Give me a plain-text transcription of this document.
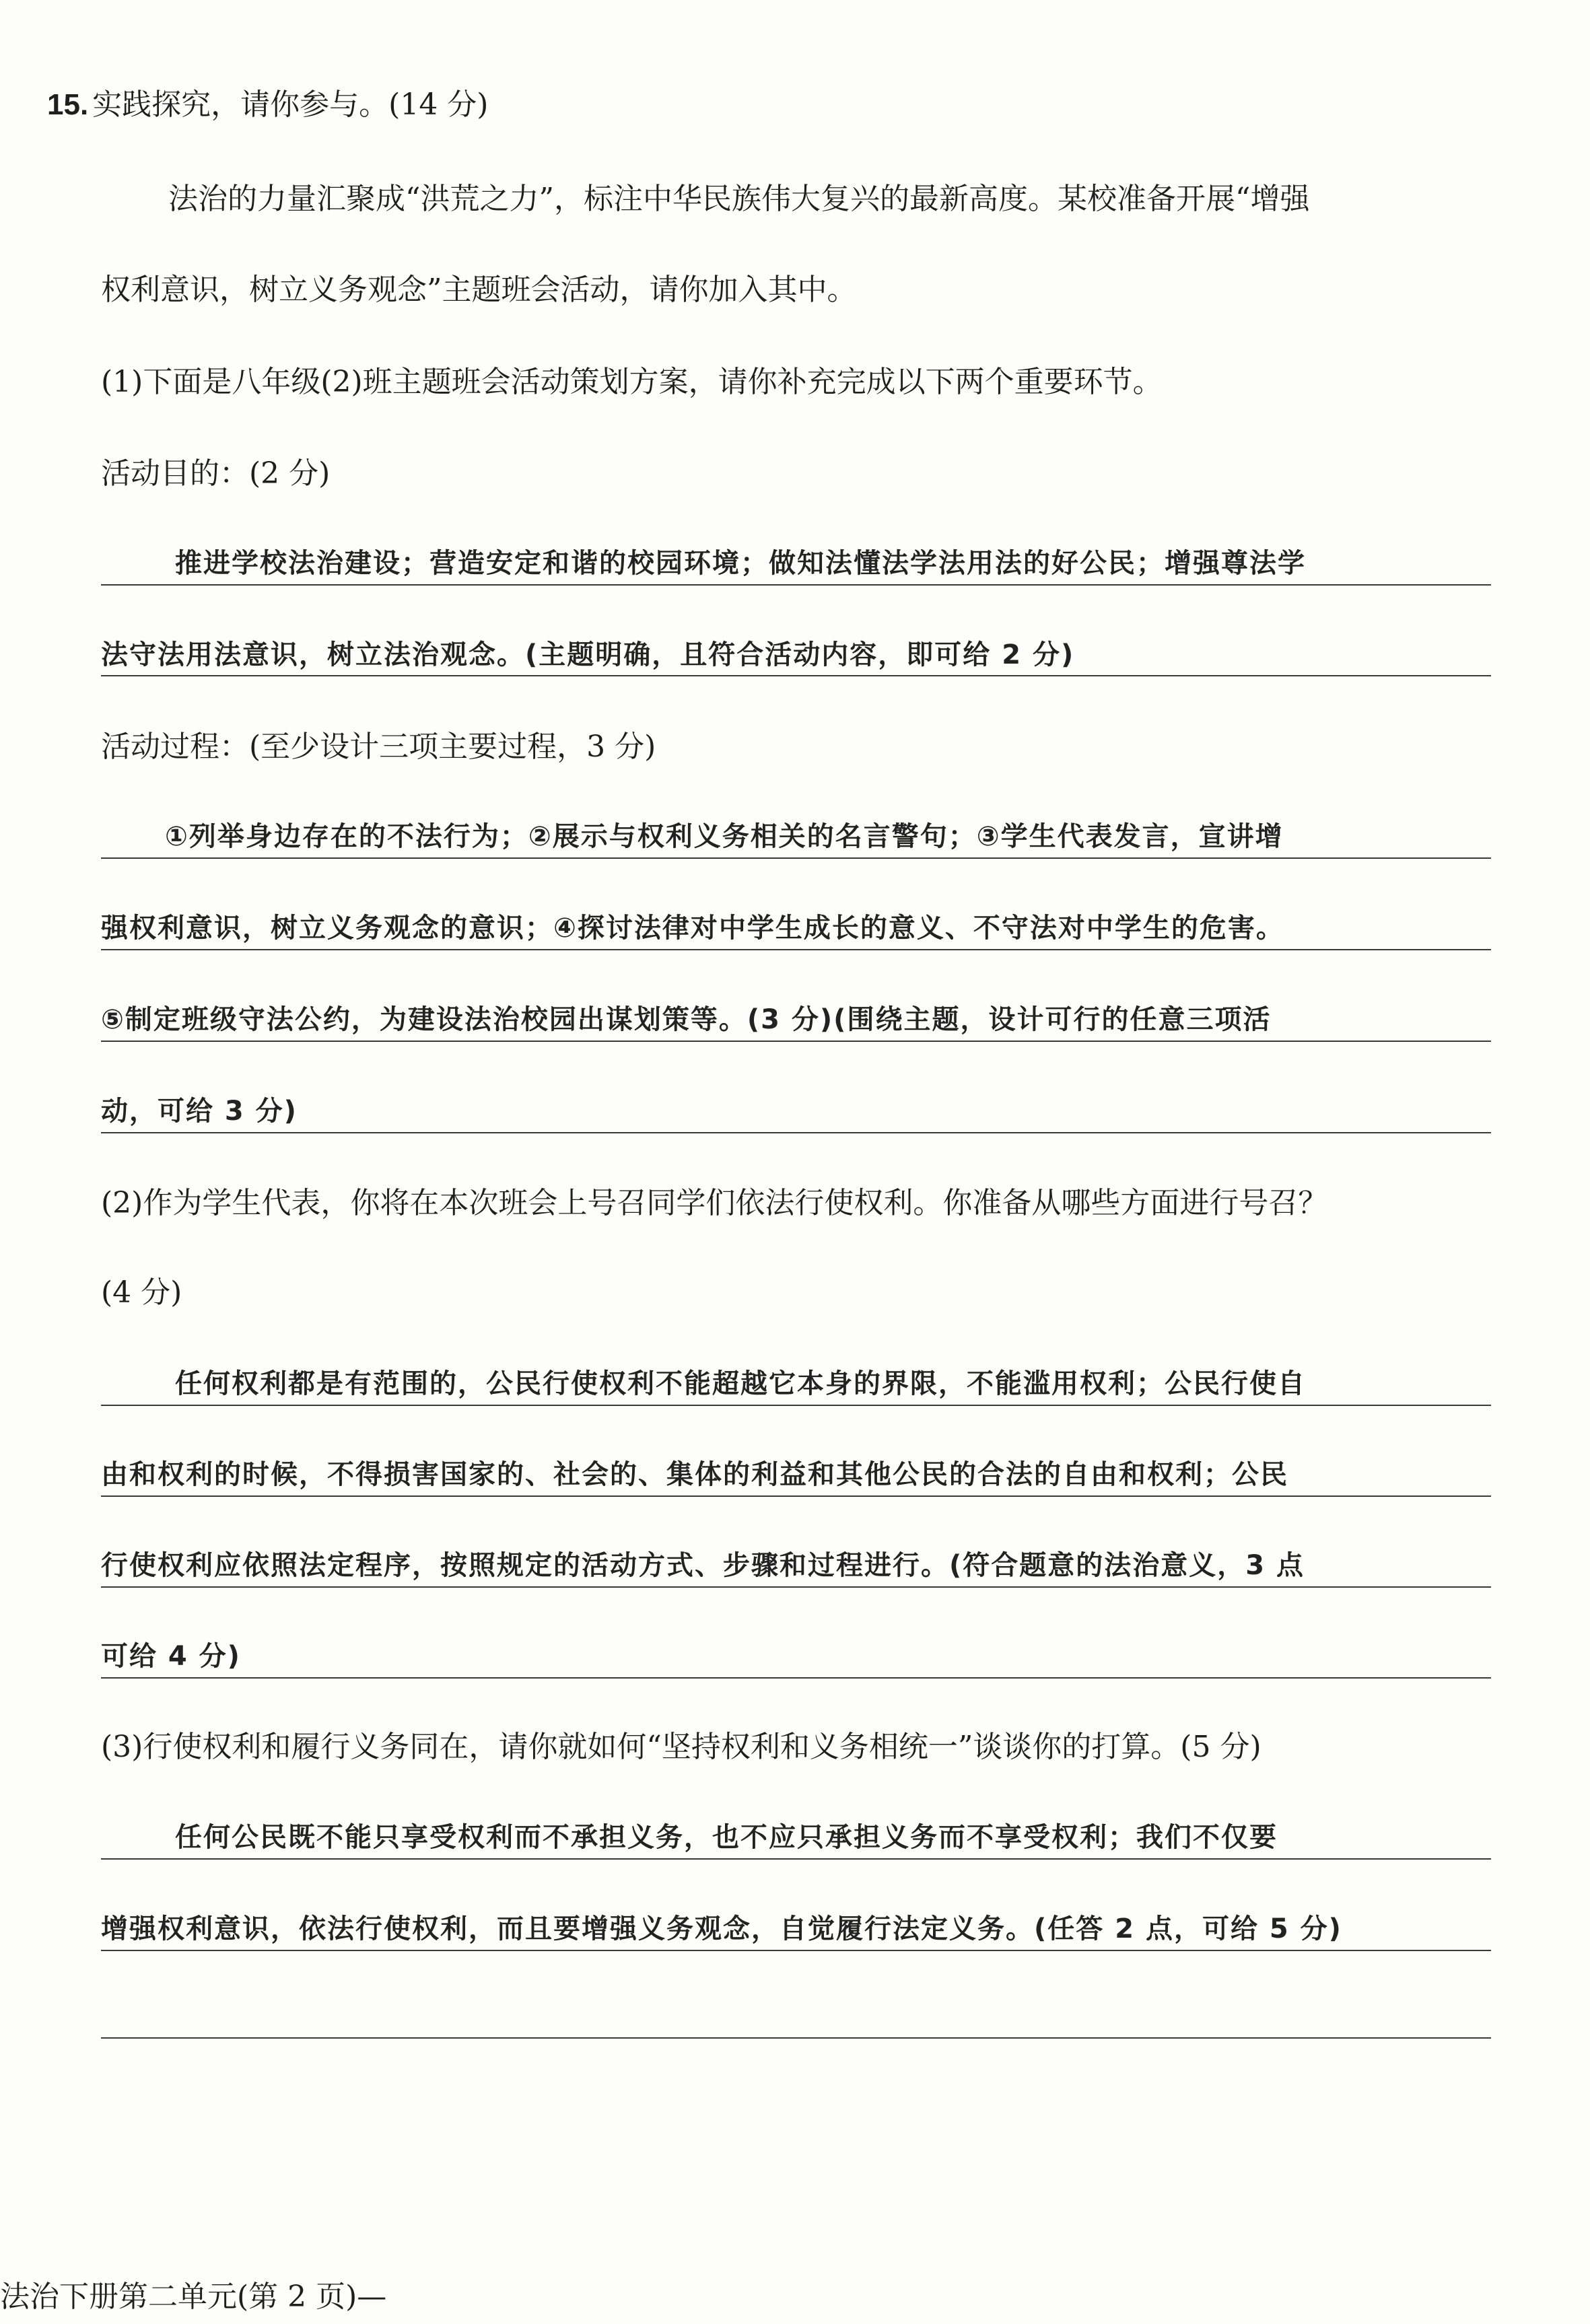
15. 实践探究，请你参与。(14 分)
法治的力量汇聚成“洪荒之力”，标注中华民族伟大复兴的最新高度。某校准备开展“增强
权利意识，树立义务观念”主题班会活动，请你加入其中。
(1)下面是八年级(2)班主题班会活动策划方案，请你补充完成以下两个重要环节。
活动目的：(2 分)
推进学校法治建设；营造安定和谐的校园环境；做知法懂法学法用法的好公民；增强尊法学
法守法用法意识，树立法治观念。(主题明确，且符合活动内容，即可给 2 分)
活动过程：(至少设计三项主要过程，3 分)
①列举身边存在的不法行为；②展示与权利义务相关的名言警句；③学生代表发言，宣讲增
强权利意识，树立义务观念的意识；④探讨法律对中学生成长的意义、不守法对中学生的危害。
⑤制定班级守法公约，为建设法治校园出谋划策等。(3 分)(围绕主题，设计可行的任意三项活
动，可给 3 分)
(2)作为学生代表，你将在本次班会上号召同学们依法行使权利。你准备从哪些方面进行号召？
(4 分)
任何权利都是有范围的，公民行使权利不能超越它本身的界限，不能滥用权利；公民行使自
由和权利的时候，不得损害国家的、社会的、集体的利益和其他公民的合法的自由和权利；公民
行使权利应依照法定程序，按照规定的活动方式、步骤和过程进行。(符合题意的法治意义，3 点
可给 4 分)
(3)行使权利和履行义务同在，请你就如何“坚持权利和义务相统一”谈谈你的打算。(5 分)
任何公民既不能只享受权利而不承担义务，也不应只承担义务而不享受权利；我们不仅要
增强权利意识，依法行使权利，而且要增强义务观念，自觉履行法定义务。(任答 2 点，可给 5 分)
法治下册第二单元(第 2 页)—
